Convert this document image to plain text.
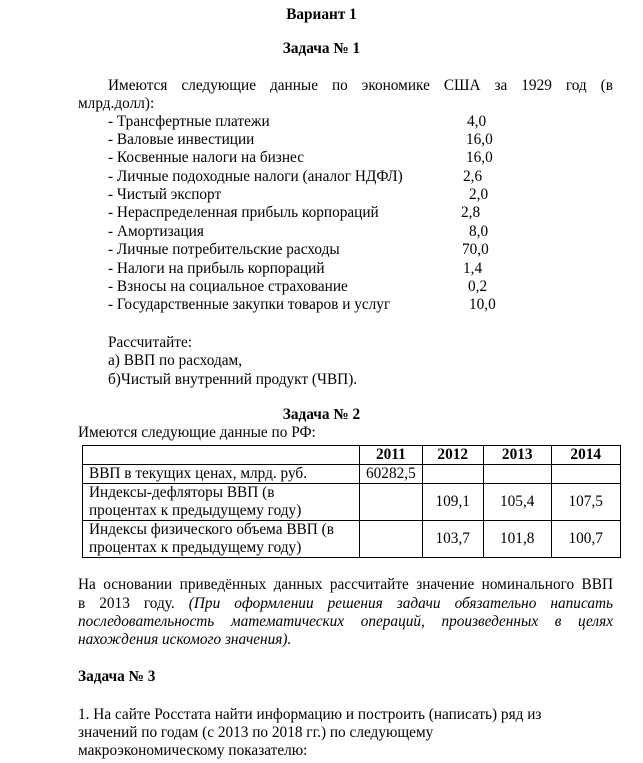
Вариант 1
Задача № 1
Имеются следующие данные по экономике США за 1929 год (в
млрд.долл):
- Трансфертные платежи	4,0
- Валовые инвестиции	16,0
- Косвенные налоги на бизнес	16,0
- Личные подоходные налоги (аналог НДФЛ)	2,6
- Чистый экспорт	2,0
- Нераспределенная прибыль корпораций	2,8
- Амортизация	8,0
- Личные потребительские расходы	70,0
- Налоги на прибыль корпораций	1,4
- Взносы на социальное страхование	0,2
- Государственные закупки товаров и услуг	10,0
Рассчитайте:
а) ВВП по расходам,
б)Чистый внутренний продукт (ЧВП).
Задача № 2
Имеются следующие данные по РФ:
	2011	2012	2013	2014
ВВП в текущих ценах, млрд. руб.	60282,5			

Индексы-дефляторы ВВП (в
процентах к предыдущему году)		109,1	105,4	107,5

Индексы физического объема ВВП (в
процентах к предыдущему году)		103,7	101,8	100,7
На основании приведённых данных рассчитайте значение номинального ВВП
в 2013 году. (При оформлении решения задачи обязательно написать
последовательность математических операций, произведенных в целях
нахождения искомого значения).
Задача № 3
1. На сайте Росстата найти информацию и построить (написать) ряд из
значений по годам (с 2013 по 2018 гг.) по следующему
макроэкономическому показателю:
